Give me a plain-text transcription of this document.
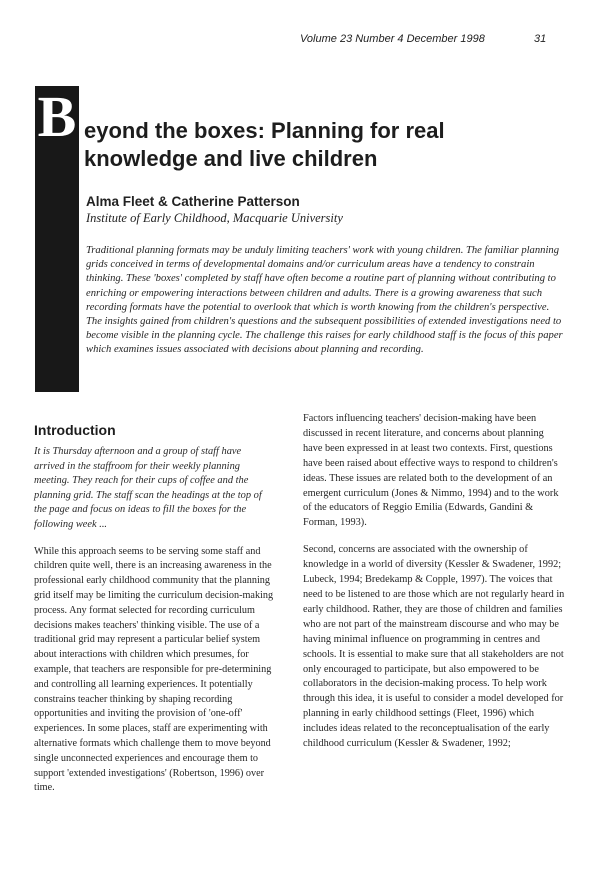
Volume 23 Number 4 December 1998	31
B eyond the boxes: Planning for real knowledge and live children
Alma Fleet & Catherine Patterson
Institute of Early Childhood, Macquarie University

Traditional planning formats may be unduly limiting teachers' work with young children. The familiar planning grids conceived in terms of developmental domains and/or curriculum areas have a tendency to constrain thinking. These 'boxes' completed by staff have often become a routine part of planning without contributing to enriching or empowering interactions between children and adults. There is a growing awareness that such recording formats have the potential to overlook that which is worth knowing from the children's perspective. The insights gained from children's questions and the subsequent possibilities of extended investigations need to become visible in the planning cycle. The challenge this raises for early childhood staff is the focus of this paper which examines issues associated with decisions about planning and recording.

Introduction

It is Thursday afternoon and a group of staff have arrived in the staffroom for their weekly planning meeting. They reach for their cups of coffee and the planning grid. The staff scan the headings at the top of the page and focus on ideas to fill the boxes for the following week ...

While this approach seems to be serving some staff and children quite well, there is an increasing awareness in the professional early childhood community that the planning grid itself may be limiting the curriculum decision-making process. Any format selected for recording curriculum decisions makes teachers' thinking visible. The use of a traditional grid may represent a particular belief system about interactions with children which presumes, for example, that teachers are responsible for pre-determining and controlling all learning experiences. It potentially constrains teacher thinking by shaping recording opportunities and inviting the provision of 'one-off' experiences. In some places, staff are experimenting with alternative formats which challenge them to move beyond single unconnected experiences and encourage them to support 'extended investigations' (Robertson, 1996) over time.

Factors influencing teachers' decision-making have been discussed in recent literature, and concerns about planning have been expressed in at least two contexts. First, questions have been raised about effective ways to respond to children's ideas. These issues are related both to the development of an emergent curriculum (Jones & Nimmo, 1994) and to the work of the educators of Reggio Emilia (Edwards, Gandini & Forman, 1993).

Second, concerns are associated with the ownership of knowledge in a world of diversity (Kessler & Swadener, 1992; Lubeck, 1994; Bredekamp & Copple, 1997). The voices that need to be listened to are those which are not regularly heard in early childhood. Rather, they are those of children and families who are not part of the mainstream discourse and who may be having minimal influence on programming in centres and schools. It is essential to make sure that all stakeholders are not only encouraged to participate, but also empowered to be collaborators in the decision-making process. To help work through this idea, it is useful to consider a model developed for planning in early childhood settings (Fleet, 1996) which includes ideas related to the reconceptualisation of the early childhood curriculum (Kessler & Swadener, 1992;
